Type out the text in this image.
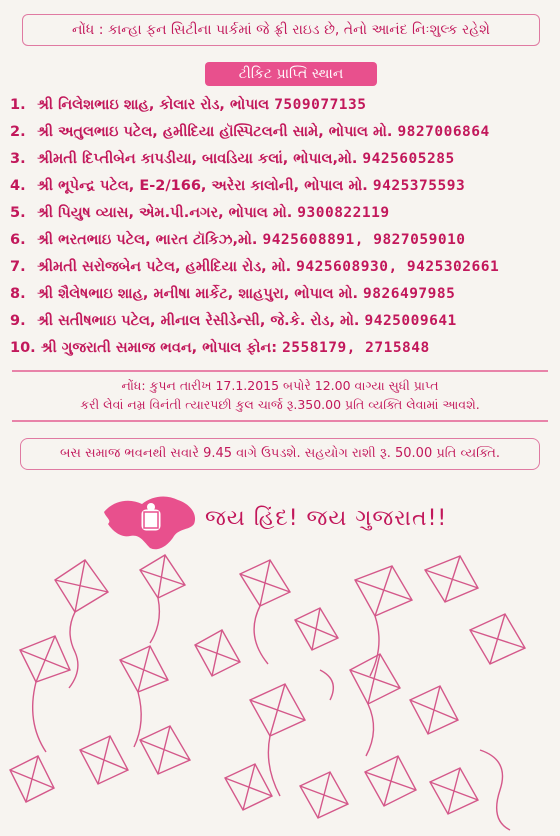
નોંધ : કાન્હા ફન સિટીના પાર્કમાં જે ફ્રી રાઇડ છે, તેનો આનંદ નિઃશુલ્ક રહેશે
ટીકિટ પ્રાપ્તિ સ્થાન
1. શ્રી નિલેશભાઇ શાહ, કોલાર રોડ, ભોપાલ 7509077135
2. શ્રી અતુલભાઇ પટેલ, હમીદિયા હૉસ્પિટલની સામે, ભોપાલ મો. 9827006864
3. શ્રીમતી દિપ્તીબેન કાપડીયા, બાવડિયા કલાં, ભોપાલ,મો. 9425605285
4. શ્રી ભૂપેન્દ્ર પટેલ, E-2/166, અરેરા કાલોની, ભોપાલ મો. 9425375593
5. શ્રી પિયુષ વ્યાસ, એમ.પી.નગર, ભોપાલ મો. 9300822119
6. શ્રી ભરતભાઇ પટેલ, ભારત ટૉકિઝ,મો. 9425608891, 9827059010
7. શ્રીમતી સરોજબેન પટેલ, હમીદિયા રોડ, મો. 9425608930, 9425302661
8. શ્રી શૈલેષભાઇ શાહ, મનીષા માર્કેટ, શાહપુરા, ભોપાલ મો. 9826497985
9. શ્રી સતીષભાઇ પટેલ, મીનાલ રેસીડેન્સી, જે.કે. રોડ, મો. 9425009641
10. શ્રી ગુજરાતી સમાજ ભવન, ભોપાલ ફોન: 2558179, 2715848
નોંધ: કુપન તારીખ 17.1.2015 બપોરે 12.00 વાગ્યા સુધી પ્રાપ્ત
કરી લેવાં નમ્ર વિનંતી ત્યારપછી કુલ ચાર્જ રૂ.350.00 પ્રતિ વ્યક્તિ લેવામાં આવશે.
બસ સમાજ ભવનથી સવારે 9.45 વાગે ઉપડશે. સહયોગ રાશી રૂ. 50.00 પ્રતિ વ્યક્તિ.
જય હિંદ! જય ગુજરાત!!
